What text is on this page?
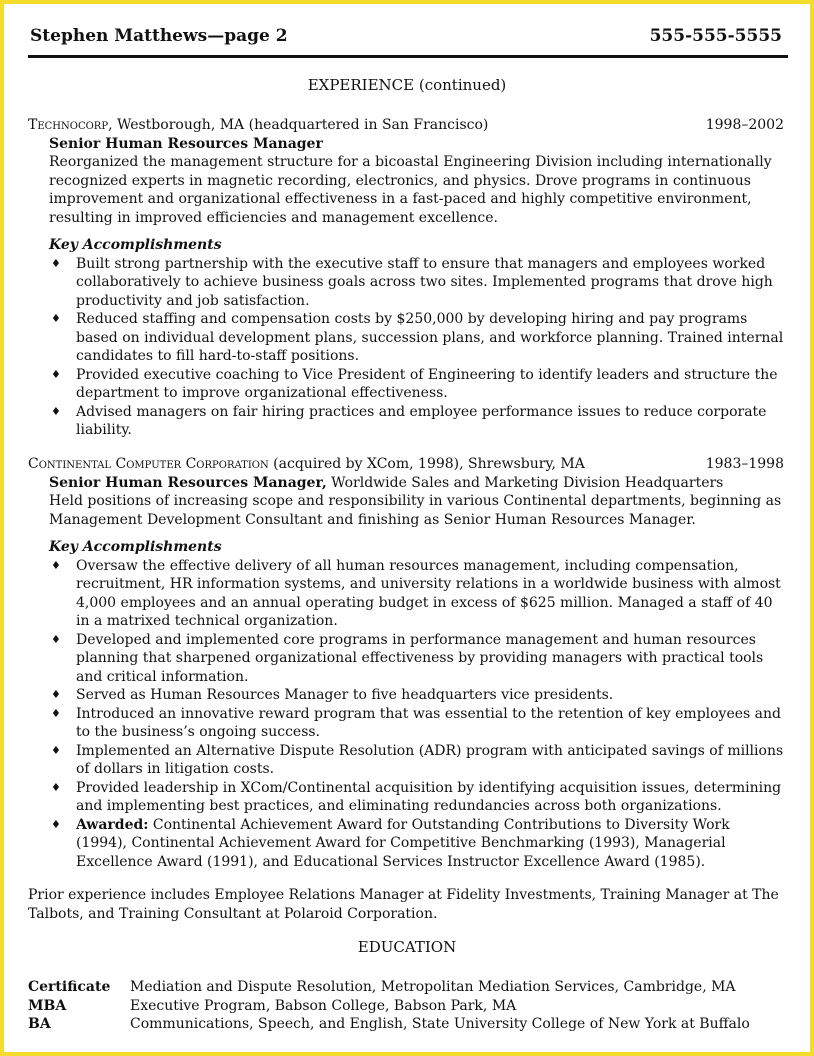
Stephen Matthews—page 2	555-555-5555
EXPERIENCE (continued)
Technocorp, Westborough, MA (headquartered in San Francisco)	1998–2002
Senior Human Resources Manager
Reorganized the management structure for a bicoastal Engineering Division including internationally recognized experts in magnetic recording, electronics, and physics. Drove programs in continuous improvement and organizational effectiveness in a fast-paced and highly competitive environment, resulting in improved efficiencies and management excellence.
Key Accomplishments
♦ Built strong partnership with the executive staff to ensure that managers and employees worked collaboratively to achieve business goals across two sites. Implemented programs that drove high productivity and job satisfaction.
♦ Reduced staffing and compensation costs by $250,000 by developing hiring and pay programs based on individual development plans, succession plans, and workforce planning. Trained internal candidates to fill hard-to-staff positions.
♦ Provided executive coaching to Vice President of Engineering to identify leaders and structure the department to improve organizational effectiveness.
♦ Advised managers on fair hiring practices and employee performance issues to reduce corporate liability.
Continental Computer Corporation (acquired by XCom, 1998), Shrewsbury, MA	1983–1998
Senior Human Resources Manager, Worldwide Sales and Marketing Division Headquarters
Held positions of increasing scope and responsibility in various Continental departments, beginning as Management Development Consultant and finishing as Senior Human Resources Manager.
Key Accomplishments
♦ Oversaw the effective delivery of all human resources management, including compensation, recruitment, HR information systems, and university relations in a worldwide business with almost 4,000 employees and an annual operating budget in excess of $625 million. Managed a staff of 40 in a matrixed technical organization.
♦ Developed and implemented core programs in performance management and human resources planning that sharpened organizational effectiveness by providing managers with practical tools and critical information.
♦ Served as Human Resources Manager to five headquarters vice presidents.
♦ Introduced an innovative reward program that was essential to the retention of key employees and to the business’s ongoing success.
♦ Implemented an Alternative Dispute Resolution (ADR) program with anticipated savings of millions of dollars in litigation costs.
♦ Provided leadership in XCom/Continental acquisition by identifying acquisition issues, determining and implementing best practices, and eliminating redundancies across both organizations.
♦ Awarded: Continental Achievement Award for Outstanding Contributions to Diversity Work (1994), Continental Achievement Award for Competitive Benchmarking (1993), Managerial Excellence Award (1991), and Educational Services Instructor Excellence Award (1985).
Prior experience includes Employee Relations Manager at Fidelity Investments, Training Manager at The Talbots, and Training Consultant at Polaroid Corporation.
EDUCATION
Certificate	Mediation and Dispute Resolution, Metropolitan Mediation Services, Cambridge, MA
MBA	Executive Program, Babson College, Babson Park, MA
BA	Communications, Speech, and English, State University College of New York at Buffalo
